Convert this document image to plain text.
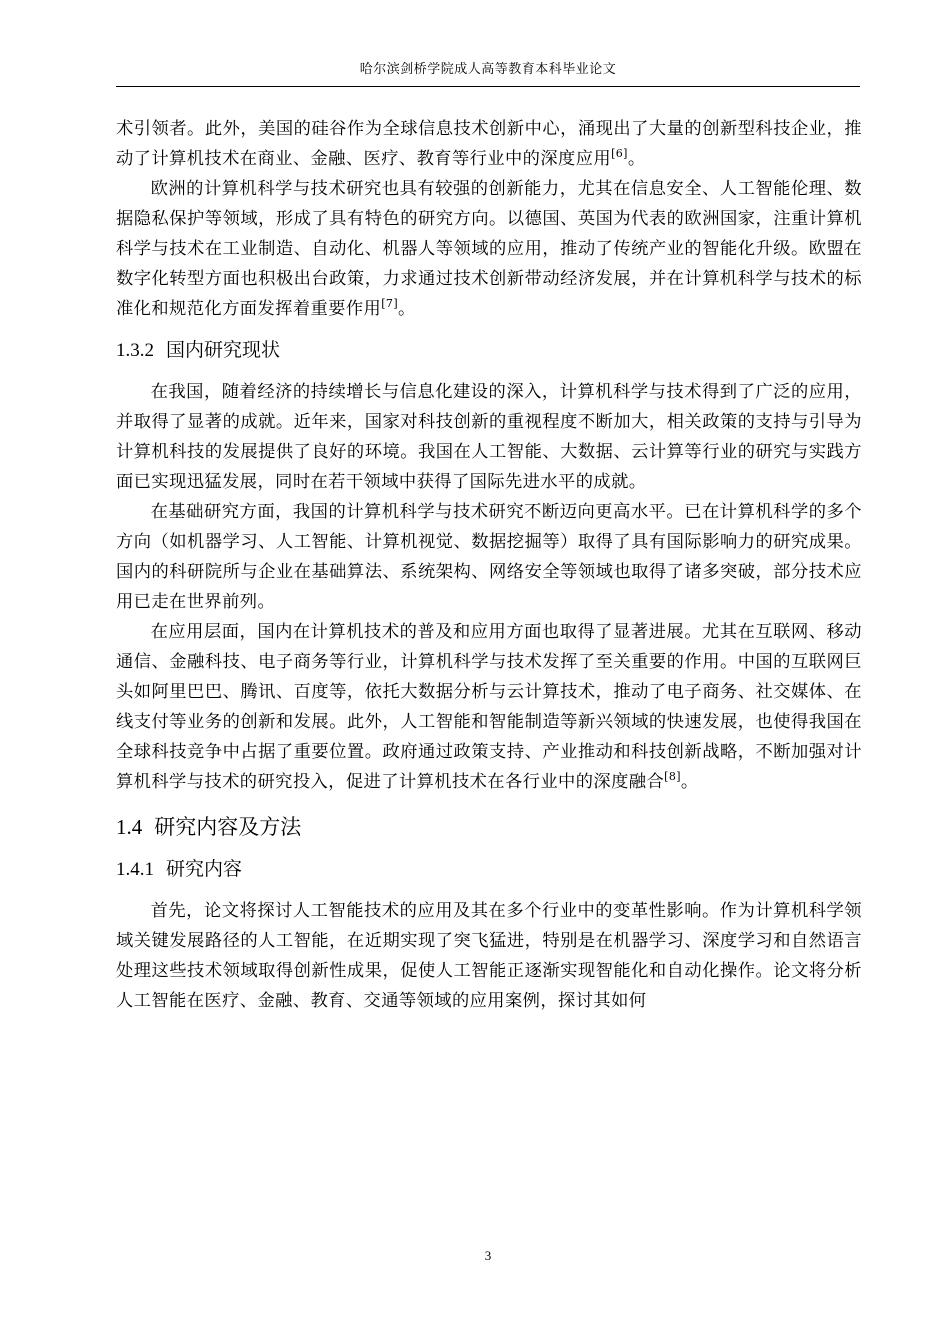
哈尔滨剑桥学院成人高等教育本科毕业论文

术引领者。此外，美国的硅谷作为全球信息技术创新中心，涌现出了大量的创新型科技企业，推动了计算机技术在商业、金融、医疗、教育等行业中的深度应用[6]。

欧洲的计算机科学与技术研究也具有较强的创新能力，尤其在信息安全、人工智能伦理、数据隐私保护等领域，形成了具有特色的研究方向。以德国、英国为代表的欧洲国家，注重计算机科学与技术在工业制造、自动化、机器人等领域的应用，推动了传统产业的智能化升级。欧盟在数字化转型方面也积极出台政策，力求通过技术创新带动经济发展，并在计算机科学与技术的标准化和规范化方面发挥着重要作用[7]。

1.3.2 国内研究现状

在我国，随着经济的持续增长与信息化建设的深入，计算机科学与技术得到了广泛的应用，并取得了显著的成就。近年来，国家对科技创新的重视程度不断加大，相关政策的支持与引导为计算机科技的发展提供了良好的环境。我国在人工智能、大数据、云计算等行业的研究与实践方面已实现迅猛发展，同时在若干领域中获得了国际先进水平的成就。

在基础研究方面，我国的计算机科学与技术研究不断迈向更高水平。已在计算机科学的多个方向（如机器学习、人工智能、计算机视觉、数据挖掘等）取得了具有国际影响力的研究成果。国内的科研院所与企业在基础算法、系统架构、网络安全等领域也取得了诸多突破，部分技术应用已走在世界前列。

在应用层面，国内在计算机技术的普及和应用方面也取得了显著进展。尤其在互联网、移动通信、金融科技、电子商务等行业，计算机科学与技术发挥了至关重要的作用。中国的互联网巨头如阿里巴巴、腾讯、百度等，依托大数据分析与云计算技术，推动了电子商务、社交媒体、在线支付等业务的创新和发展。此外，人工智能和智能制造等新兴领域的快速发展，也使得我国在全球科技竞争中占据了重要位置。政府通过政策支持、产业推动和科技创新战略，不断加强对计算机科学与技术的研究投入，促进了计算机技术在各行业中的深度融合[8]。

1.4 研究内容及方法
1.4.1 研究内容

首先，论文将探讨人工智能技术的应用及其在多个行业中的变革性影响。作为计算机科学领域关键发展路径的人工智能，在近期实现了突飞猛进，特别是在机器学习、深度学习和自然语言处理这些技术领域取得创新性成果，促使人工智能正逐渐实现智能化和自动化操作。论文将分析人工智能在医疗、金融、教育、交通等领域的应用案例，探讨其如何

3
